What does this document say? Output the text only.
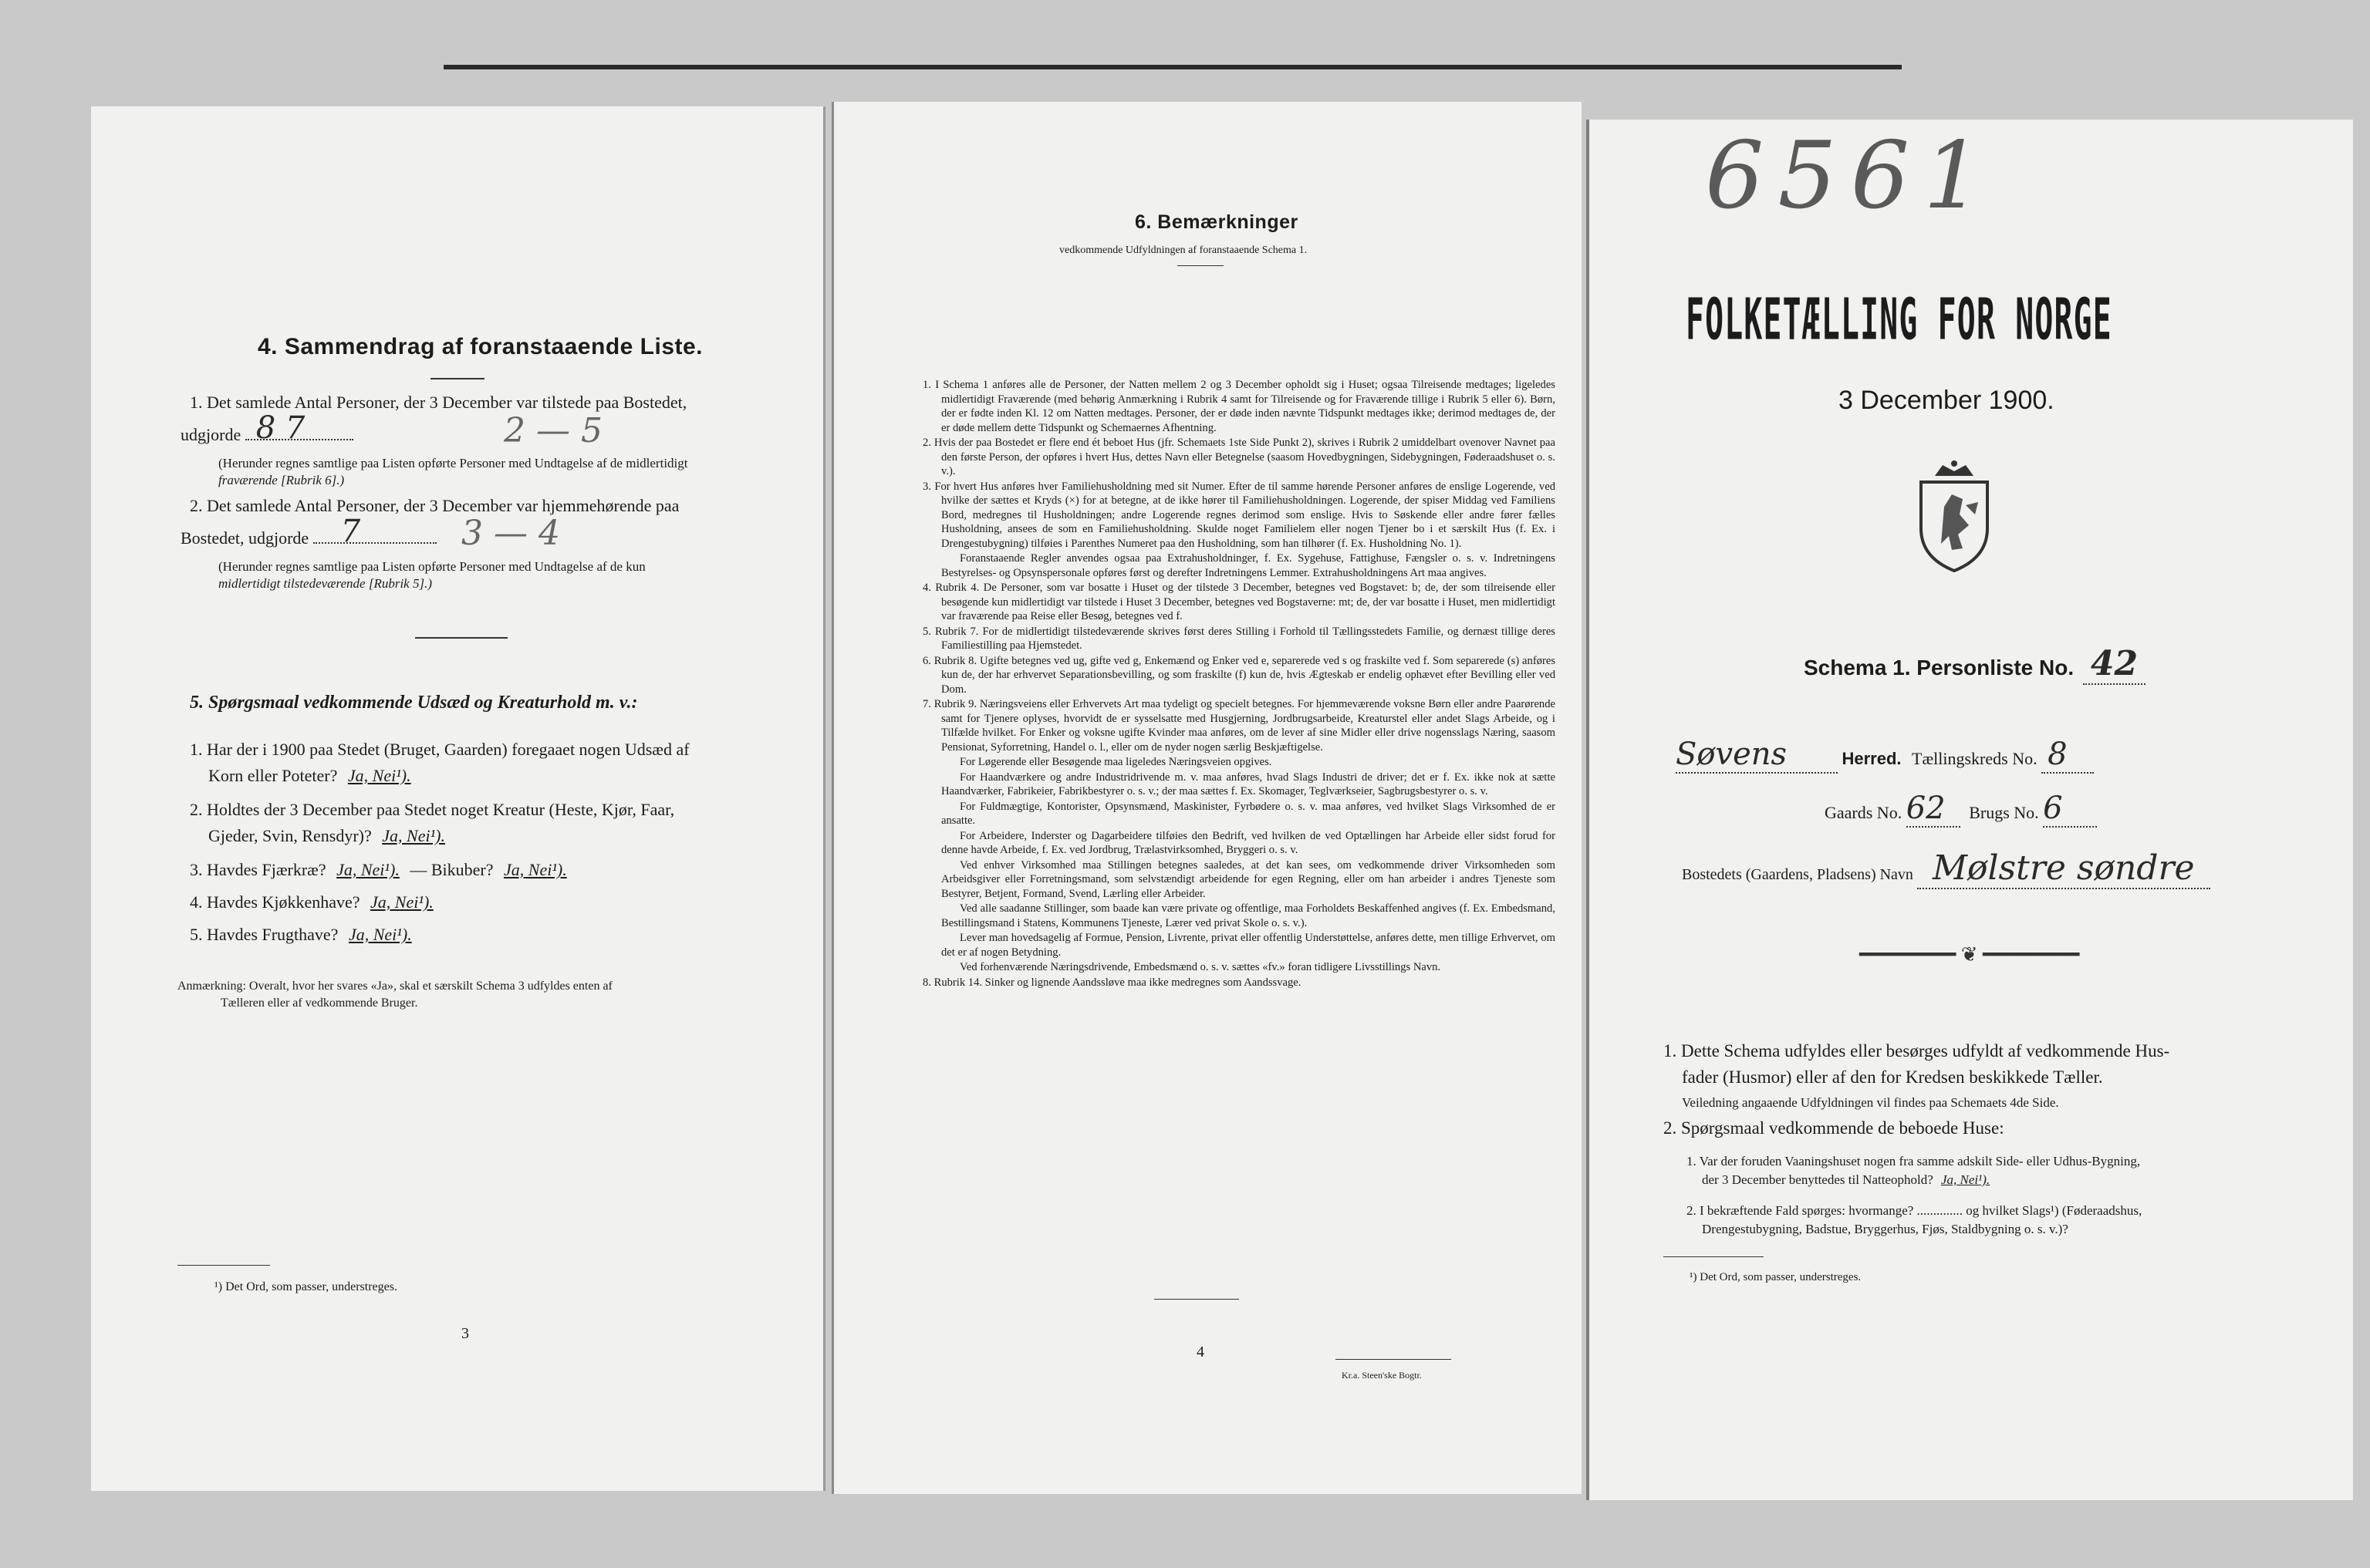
4. Sammendrag af foranstaaende Liste.
1. Det samlede Antal Personer, der 3 December var tilstede paa Bostedet,
udgjorde 8 7	2 — 5
(Herunder regnes samtlige paa Listen opførte Personer med Undtagelse af de midlertidigt
fraværende [Rubrik 6].)
2. Det samlede Antal Personer, der 3 December var hjemmehørende paa
Bostedet, udgjorde 7	3 — 4
(Herunder regnes samtlige paa Listen opførte Personer med Undtagelse af de kun
midlertidigt tilstedeværende [Rubrik 5].)
5. Spørgsmaal vedkommende Udsæd og Kreaturhold m. v.:
1. Har der i 1900 paa Stedet (Bruget, Gaarden) foregaaet nogen Udsæd af
Korn eller Poteter? Ja, Nei¹).
2. Holdtes der 3 December paa Stedet noget Kreatur (Heste, Kjør, Faar,
Gjeder, Svin, Rensdyr)? Ja, Nei¹).
3. Havdes Fjærkræ? Ja, Nei¹). — Bikuber? Ja, Nei¹).
4. Havdes Kjøkkenhave? Ja, Nei¹).
5. Havdes Frugthave? Ja, Nei¹).
Anmærkning: Overalt, hvor her svares «Ja», skal et særskilt Schema 3 udfyldes enten af
Tælleren eller af vedkommende Bruger.
¹) Det Ord, som passer, understreges.
3
6. Bemærkninger
vedkommende Udfyldningen af foranstaaende Schema 1.

1. I Schema 1 anføres alle de Personer, der Natten mellem 2 og 3 December opholdt sig i Huset; ogsaa Tilreisende medtages; ligeledes midlertidigt Fraværende (med behørig Anmærkning i Rubrik 4 samt for Tilreisende og for Fraværende tillige i Rubrik 5 eller 6). Børn, der er fødte inden Kl. 12 om Natten medtages. Personer, der er døde inden nævnte Tidspunkt medtages ikke; derimod medtages de, der er døde mellem dette Tidspunkt og Schemaernes Afhentning.

2. Hvis der paa Bostedet er flere end ét beboet Hus (jfr. Schemaets 1ste Side Punkt 2), skrives i Rubrik 2 umiddelbart ovenover Navnet paa den første Person, der opføres i hvert Hus, dettes Navn eller Betegnelse (saasom Hovedbygningen, Sidebygningen, Føderaadshuset o. s. v.).

3. For hvert Hus anføres hver Familiehusholdning med sit Numer. Efter de til samme hørende Personer anføres de enslige Logerende, ved hvilke der sættes et Kryds (×) for at betegne, at de ikke hører til Familiehusholdningen. Logerende, der spiser Middag ved Familiens Bord, medregnes til Husholdningen; andre Logerende regnes derimod som enslige. Hvis to Søskende eller andre fører fælles Husholdning, ansees de som en Familiehusholdning. Skulde noget Familielem eller nogen Tjener bo i et særskilt Hus (f. Ex. i Drengestubygning) tilføies i Parenthes Numeret paa den Husholdning, som han tilhører (f. Ex. Husholdning No. 1).

Foranstaaende Regler anvendes ogsaa paa Extrahusholdninger, f. Ex. Sygehuse, Fattighuse, Fængsler o. s. v. Indretningens Bestyrelses- og Opsynspersonale opføres først og derefter Indretningens Lemmer. Extrahusholdningens Art maa angives.

4. Rubrik 4. De Personer, som var bosatte i Huset og der tilstede 3 December, betegnes ved Bogstavet: b; de, der som tilreisende eller besøgende kun midlertidigt var tilstede i Huset 3 December, betegnes ved Bogstaverne: mt; de, der var bosatte i Huset, men midlertidigt var fraværende paa Reise eller Besøg, betegnes ved f.

5. Rubrik 7. For de midlertidigt tilstedeværende skrives først deres Stilling i Forhold til Tællingsstedets Familie, og dernæst tillige deres Familiestilling paa Hjemstedet.

6. Rubrik 8. Ugifte betegnes ved ug, gifte ved g, Enkemænd og Enker ved e, separerede ved s og fraskilte ved f. Som separerede (s) anføres kun de, der har erhvervet Separationsbevilling, og som fraskilte (f) kun de, hvis Ægteskab er endelig ophævet efter Bevilling eller ved Dom.

7. Rubrik 9. Næringsveiens eller Erhvervets Art maa tydeligt og specielt betegnes. For hjemmeværende voksne Børn eller andre Paarørende samt for Tjenere oplyses, hvorvidt de er sysselsatte med Husgjerning, Jordbrugsarbeide, Kreaturstel eller andet Slags Arbeide, og i Tilfælde hvilket. For Enker og voksne ugifte Kvinder maa anføres, om de lever af sine Midler eller drive nogensslags Næring, saasom Pensionat, Syforretning, Handel o. l., eller om de nyder nogen særlig Beskjæftigelse.

For Løgerende eller Besøgende maa ligeledes Næringsveien opgives.

For Haandværkere og andre Industridrivende m. v. maa anføres, hvad Slags Industri de driver; det er f. Ex. ikke nok at sætte Haandværker, Fabrikeier, Fabrikbestyrer o. s. v.; der maa sættes f. Ex. Skomager, Teglværkseier, Sagbrugsbestyrer o. s. v.

For Fuldmægtige, Kontorister, Opsynsmænd, Maskinister, Fyrbødere o. s. v. maa anføres, ved hvilket Slags Virksomhed de er ansatte.

For Arbeidere, Inderster og Dagarbeidere tilføies den Bedrift, ved hvilken de ved Optællingen har Arbeide eller sidst forud for denne havde Arbeide, f. Ex. ved Jordbrug, Trælastvirksomhed, Bryggeri o. s. v.

Ved enhver Virksomhed maa Stillingen betegnes saaledes, at det kan sees, om vedkommende driver Virksomheden som Arbeidsgiver eller Forretningsmand, som selvstændigt arbeidende for egen Regning, eller om han arbeider i andres Tjeneste som Bestyrer, Betjent, Formand, Svend, Lærling eller Arbeider.

Ved alle saadanne Stillinger, som baade kan være private og offentlige, maa Forholdets Beskaffenhed angives (f. Ex. Embedsmand, Bestillingsmand i Statens, Kommunens Tjeneste, Lærer ved privat Skole o. s. v.).

Lever man hovedsagelig af Formue, Pension, Livrente, privat eller offentlig Understøttelse, anføres dette, men tillige Erhvervet, om det er af nogen Betydning.

Ved forhenværende Næringsdrivende, Embedsmænd o. s. v. sættes «fv.» foran tidligere Livsstillings Navn.

8. Rubrik 14. Sinker og lignende Aandssløve maa ikke medregnes som Aandssvage.

4
Kr.a. Steen'ske Bogtr.
6561
FOLKETÆLLING FOR NORGE
3 December 1900.
Schema 1. Personliste No. 42
Søvens	Herred. Tællingskreds No. 8
Gaards No. 62 Brugs No. 6
Bostedets (Gaardens, Pladsens) Navn Mølstre søndre
━━━━━━━━ ❦ ━━━━━━━━
1. Dette Schema udfyldes eller besørges udfyldt af vedkommende Hus-
fader (Husmor) eller af den for Kredsen beskikkede Tæller.
Veiledning angaaende Udfyldningen vil findes paa Schemaets 4de Side.
2. Spørgsmaal vedkommende de beboede Huse:
1. Var der foruden Vaaningshuset nogen fra samme adskilt Side- eller Udhus-Bygning,
der 3 December benyttedes til Natteophold? Ja, Nei¹).
2. I bekræftende Fald spørges: hvormange? .............. og hvilket Slags¹) (Føderaadshus,
Drengestubygning, Badstue, Bryggerhus, Fjøs, Staldbygning o. s. v.)?
¹) Det Ord, som passer, understreges.
